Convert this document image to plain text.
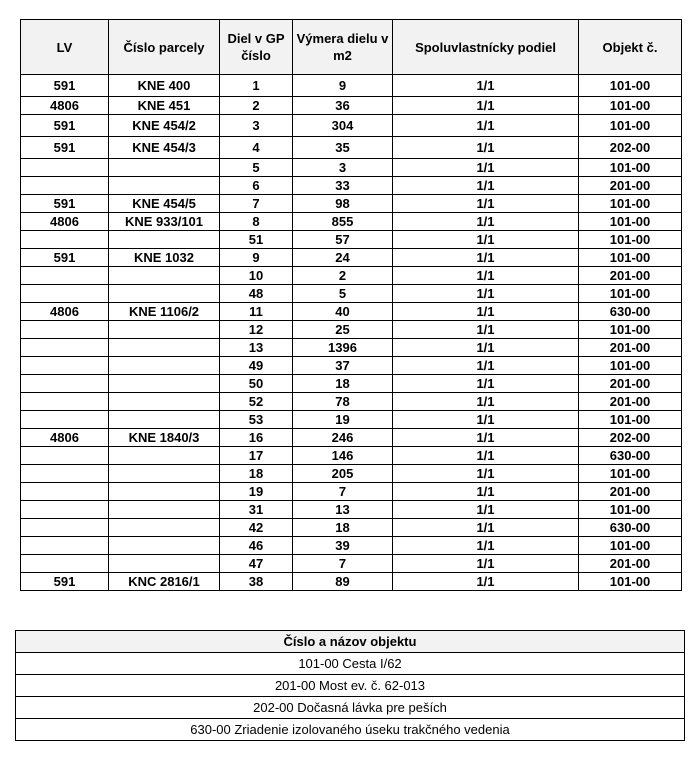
LV	Číslo parcely	Diel v GP číslo	Výmera dielu v m2	Spoluvlastnícky podiel	Objekt č.
591	KNE 400	1	9	1/1	101-00
4806	KNE 451	2	36	1/1	101-00
591	KNE 454/2	3	304	1/1	101-00
591	KNE 454/3	4	35	1/1	202-00
		5	3	1/1	101-00
		6	33	1/1	201-00
591	KNE 454/5	7	98	1/1	101-00
4806	KNE 933/101	8	855	1/1	101-00
		51	57	1/1	101-00
591	KNE 1032	9	24	1/1	101-00
		10	2	1/1	201-00
		48	5	1/1	101-00
4806	KNE 1106/2	11	40	1/1	630-00
		12	25	1/1	101-00
		13	1396	1/1	201-00
		49	37	1/1	101-00
		50	18	1/1	201-00
		52	78	1/1	201-00
		53	19	1/1	101-00
4806	KNE 1840/3	16	246	1/1	202-00
		17	146	1/1	630-00
		18	205	1/1	101-00
		19	7	1/1	201-00
		31	13	1/1	101-00
		42	18	1/1	630-00
		46	39	1/1	101-00
		47	7	1/1	201-00
591	KNC 2816/1	38	89	1/1	101-00
Číslo a názov objektu
101-00 Cesta I/62
201-00 Most ev. č. 62-013
202-00 Dočasná lávka pre peších
630-00 Zriadenie izolovaného úseku trakčného vedenia
